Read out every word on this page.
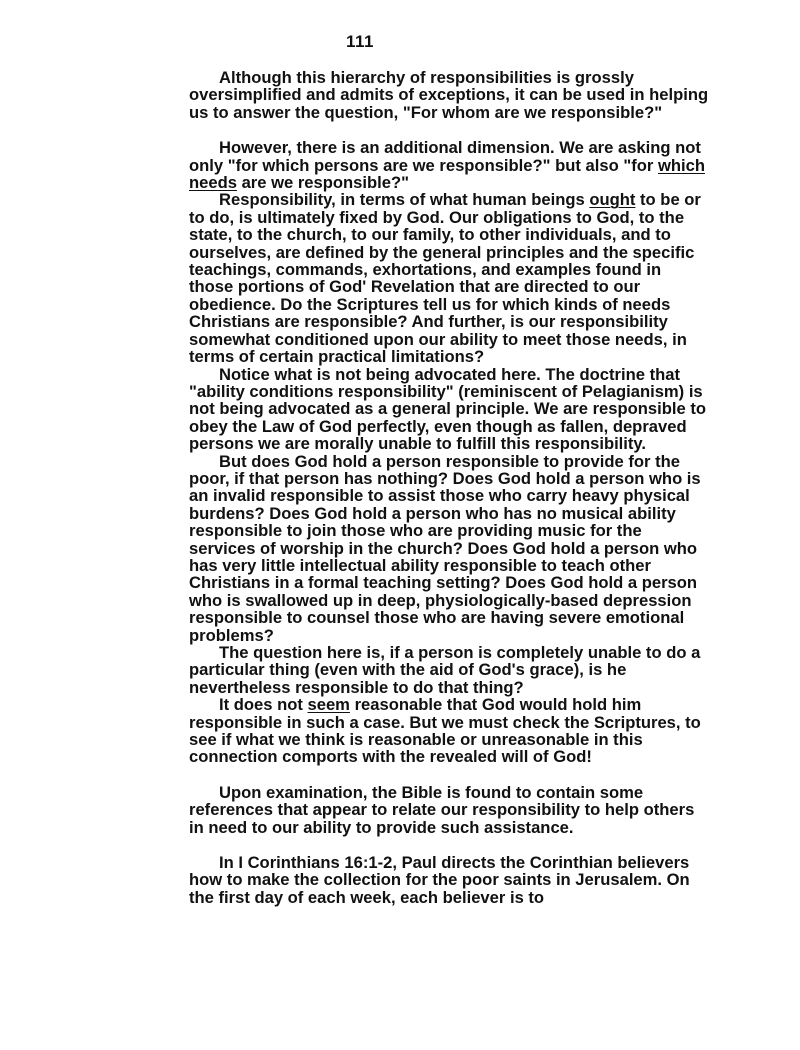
111

Although this hierarchy of responsibilities is grossly oversimplified and admits of exceptions, it can be used in helping us to answer the question, "For whom are we responsible?"

However, there is an additional dimension. We are asking not only "for which persons are we responsible?" but also "for which needs are we responsible?"

Responsibility, in terms of what human beings ought to be or to do, is ultimately fixed by God. Our obligations to God, to the state, to the church, to our family, to other individuals, and to ourselves, are defined by the general principles and the specific teachings, commands, exhortations, and examples found in those portions of God' Revelation that are directed to our obedience. Do the Scriptures tell us for which kinds of needs Christians are responsible? And further, is our responsibility somewhat conditioned upon our ability to meet those needs, in terms of certain practical limitations?

Notice what is not being advocated here. The doctrine that "ability conditions responsibility" (reminiscent of Pelagianism) is not being advocated as a general principle. We are responsible to obey the Law of God perfectly, even though as fallen, depraved persons we are morally unable to fulfill this responsibility.

But does God hold a person responsible to provide for the poor, if that person has nothing? Does God hold a person who is an invalid responsible to assist those who carry heavy physical burdens? Does God hold a person who has no musical ability responsible to join those who are providing music for the services of worship in the church? Does God hold a person who has very little intellectual ability responsible to teach other Christians in a formal teaching setting? Does God hold a person who is swallowed up in deep, physiologically-based depression responsible to counsel those who are having severe emotional problems?

The question here is, if a person is completely unable to do a particular thing (even with the aid of God's grace), is he nevertheless responsible to do that thing?

It does not seem reasonable that God would hold him responsible in such a case. But we must check the Scriptures, to see if what we think is reasonable or unreasonable in this connection comports with the revealed will of God!

Upon examination, the Bible is found to contain some references that appear to relate our responsibility to help others in need to our ability to provide such assistance.

In I Corinthians 16:1-2, Paul directs the Corinthian believers how to make the collection for the poor saints in Jerusalem. On the first day of each week, each believer is to
